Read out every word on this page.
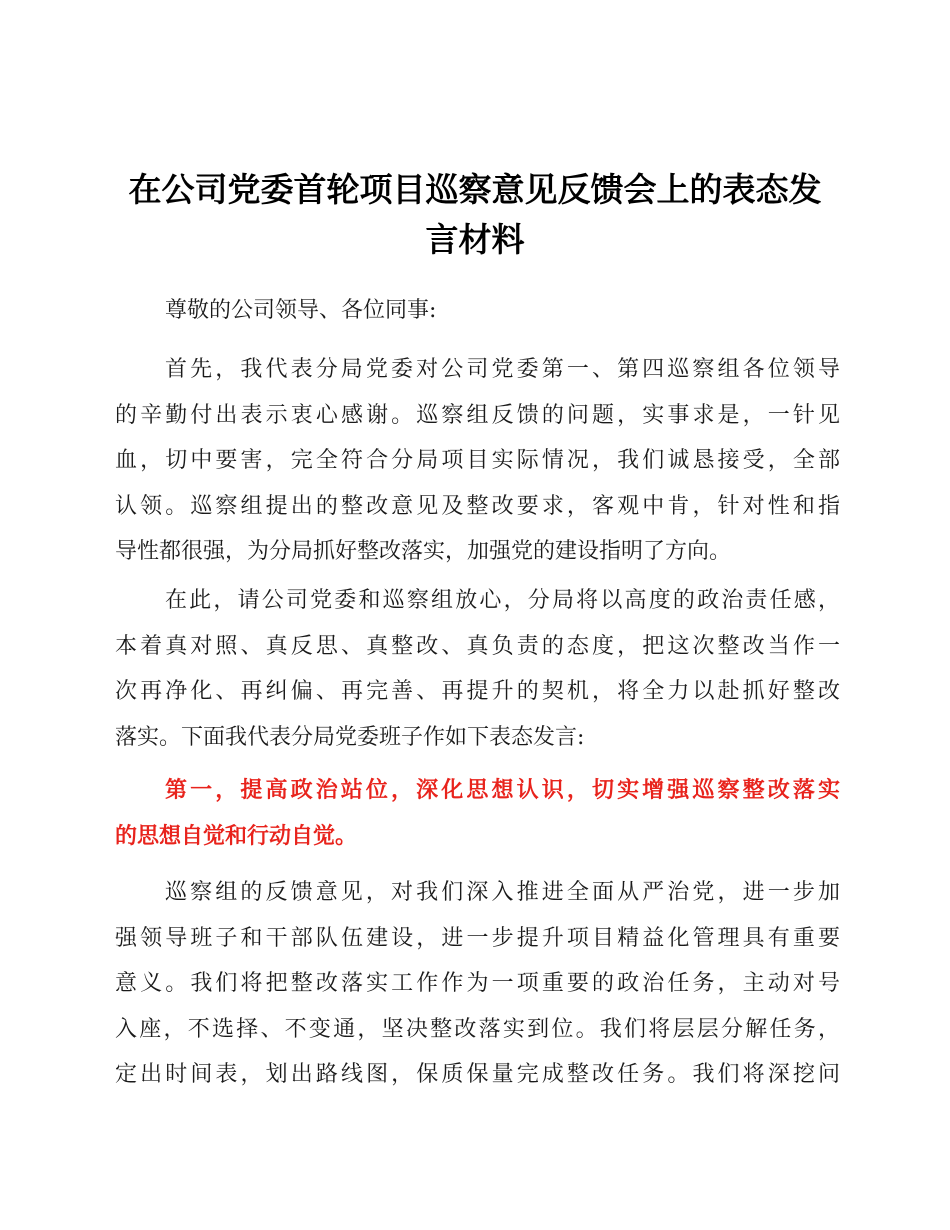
在公司党委首轮项目巡察意见反馈会上的表态发
言材料
尊敬的公司领导、各位同事:
首先，我代表分局党委对公司党委第一、第四巡察组各位领导
的辛勤付出表示衷心感谢。巡察组反馈的问题，实事求是，一针见
血，切中要害，完全符合分局项目实际情况，我们诚恳接受，全部
认领。巡察组提出的整改意见及整改要求，客观中肯，针对性和指
导性都很强，为分局抓好整改落实，加强党的建设指明了方向。
在此，请公司党委和巡察组放心，分局将以高度的政治责任感，
本着真对照、真反思、真整改、真负责的态度，把这次整改当作一
次再净化、再纠偏、再完善、再提升的契机，将全力以赴抓好整改
落实。下面我代表分局党委班子作如下表态发言:
第一，提高政治站位，深化思想认识，切实增强巡察整改落实
的思想自觉和行动自觉。
巡察组的反馈意见，对我们深入推进全面从严治党，进一步加
强领导班子和干部队伍建设，进一步提升项目精益化管理具有重要
意义。我们将把整改落实工作作为一项重要的政治任务，主动对号
入座，不选择、不变通，坚决整改落实到位。我们将层层分解任务，
定出时间表，划出路线图，保质保量完成整改任务。我们将深挖问
